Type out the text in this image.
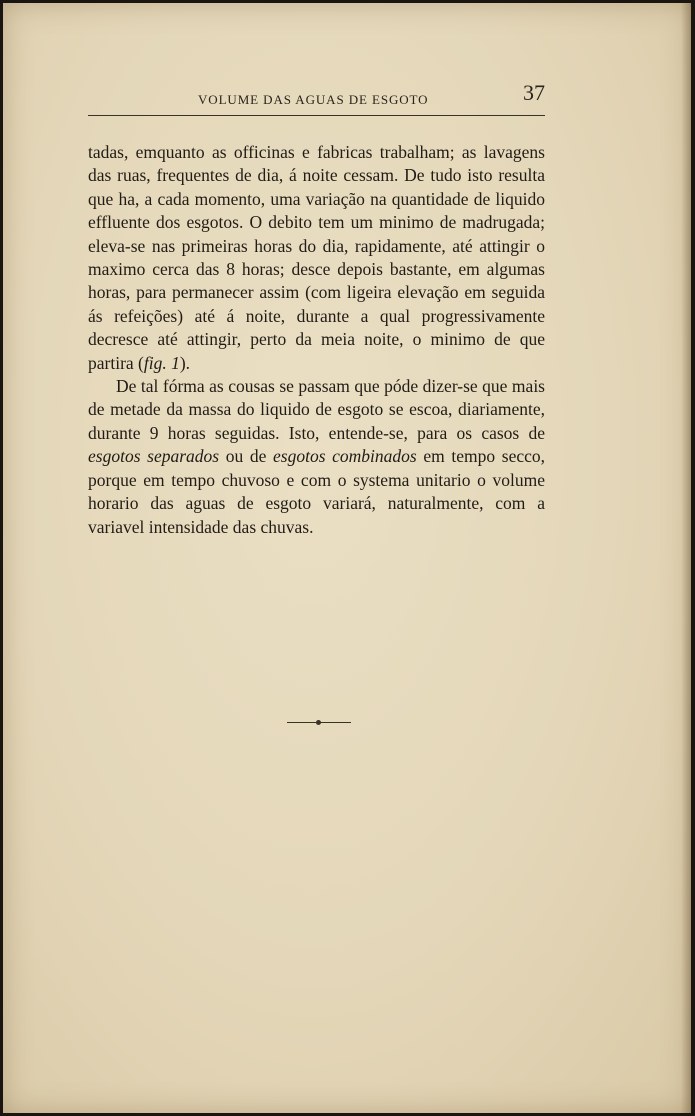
VOLUME DAS AGUAS DE ESGOTO	37

tadas, emquanto as officinas e fabricas trabalham; as lavagens das ruas, frequentes de dia, á noite cessam. De tudo isto resulta que ha, a cada momento, uma variação na quantidade de liquido effluente dos esgotos. O debito tem um minimo de madrugada; eleva-se nas primeiras horas do dia, rapidamente, até attingir o maximo cerca das 8 horas; desce depois bastante, em algumas horas, para permanecer assim (com ligeira elevação em seguida ás refeições) até á noite, durante a qual progressivamente decresce até attingir, perto da meia noite, o minimo de que partira (fig. 1).

De tal fórma as cousas se passam que póde dizer-se que mais de metade da massa do liquido de esgoto se escoa, diariamente, durante 9 horas seguidas. Isto, entende-se, para os casos de esgotos separados ou de esgotos combinados em tempo secco, porque em tempo chuvoso e com o systema unitario o volume horario das aguas de esgoto variará, naturalmente, com a variavel intensidade das chuvas.
